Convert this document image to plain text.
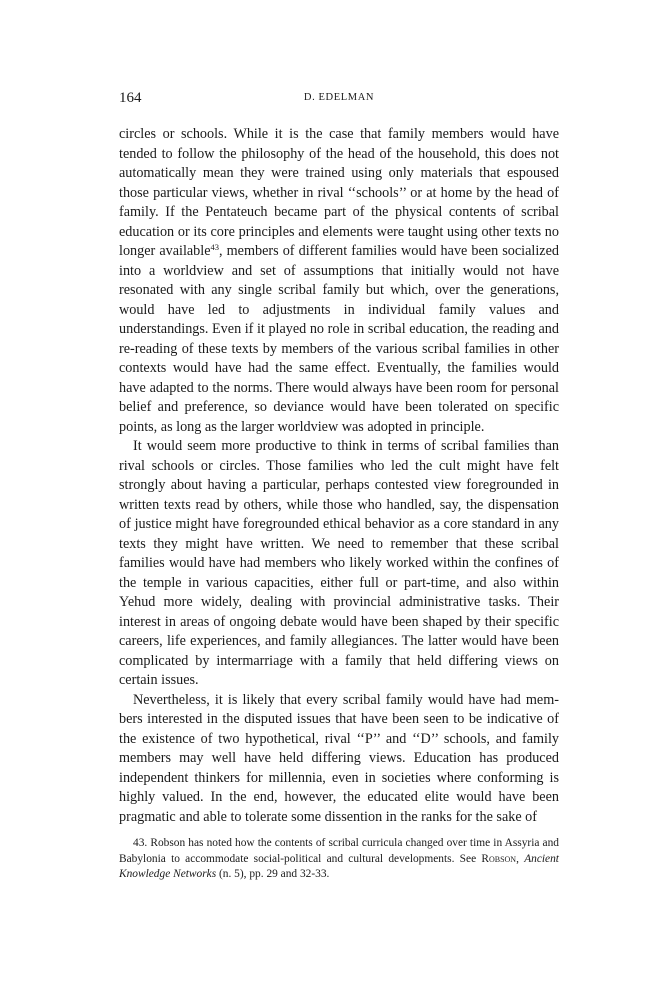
164	D. EDELMAN

circles or schools. While it is the case that family members would have tended to follow the philosophy of the head of the household, this does not automatically mean they were trained using only materials that espoused those particular views, whether in rival ‘‘schools’’ or at home by the head of family. If the Pentateuch became part of the physical contents of scribal education or its core principles and elements were taught using other texts no longer available$^{43}$, members of different families would have been socialized into a worldview and set of assumptions that initially would not have resonated with any single scribal family but which, over the generations, would have led to adjustments in individual family values and understandings. Even if it played no role in scribal education, the reading and re-reading of these texts by members of the various scribal families in other contexts would have had the same effect. Eventually, the families would have adapted to the norms. There would always have been room for personal belief and preference, so deviance would have been tolerated on specific points, as long as the larger worldview was adopted in principle.

It would seem more productive to think in terms of scribal families than rival schools or circles. Those families who led the cult might have felt strongly about having a particular, perhaps contested view foregrounded in written texts read by others, while those who handled, say, the dispensation of justice might have foregrounded ethical behavior as a core standard in any texts they might have written. We need to remember that these scribal families would have had members who likely worked within the confines of the temple in various capacities, either full or part-time, and also within Yehud more widely, dealing with provincial administrative tasks. Their interest in areas of ongoing debate would have been shaped by their specific careers, life experiences, and family allegiances. The latter would have been complicated by intermarriage with a family that held differing views on certain issues.

Nevertheless, it is likely that every scribal family would have had members interested in the disputed issues that have been seen to be indicative of the existence of two hypothetical, rival ‘‘P’’ and ‘‘D’’ schools, and family members may well have held differing views. Education has produced independent thinkers for millennia, even in societies where conforming is highly valued. In the end, however, the educated elite would have been pragmatic and able to tolerate some dissention in the ranks for the sake of

43. Robson has noted how the contents of scribal curricula changed over time in Assyria and Babylonia to accommodate social-political and cultural developments. See Robson, Ancient Knowledge Networks (n. 5), pp. 29 and 32-33.
